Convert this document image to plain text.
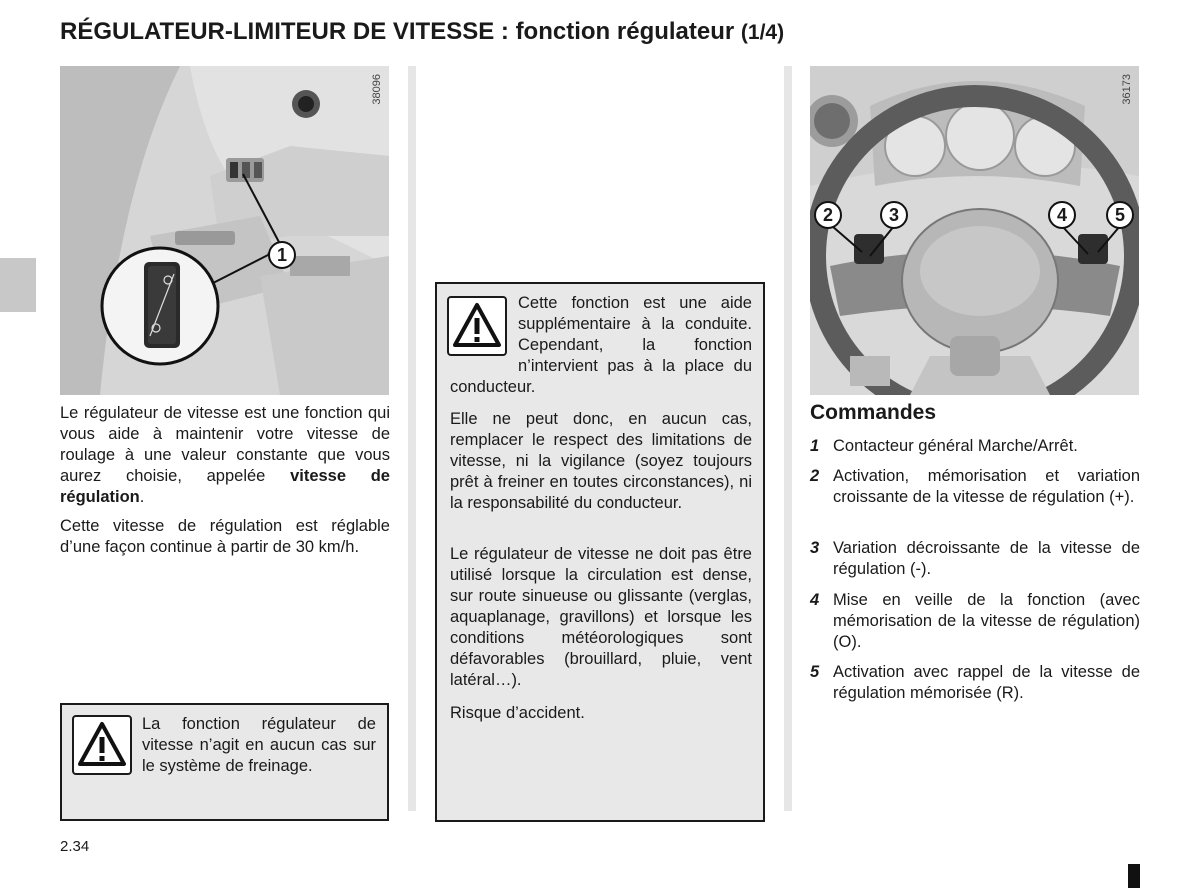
RÉGULATEUR-LIMITEUR DE VITESSE : fonction régulateur (1/4)
1
38096
Le régulateur de vitesse est une fonction qui vous aide à maintenir votre vitesse de roulage à une valeur constante que vous aurez choisie, appelée vitesse de régulation.
Cette vitesse de régulation est réglable d’une façon continue à partir de 30 km/h.
La fonction régulateur de vitesse n’agit en aucun cas sur le système de freinage.
Cette fonction est une aide supplémentaire à la conduite. Cependant, la fonction n’intervient pas à la place du conducteur.
Elle ne peut donc, en aucun cas, remplacer le respect des limitations de vitesse, ni la vigilance (soyez toujours prêt à freiner en toutes circonstances), ni la responsabilité du conducteur.
Le régulateur de vitesse ne doit pas être utilisé lorsque la circulation est dense, sur route sinueuse ou glissante (verglas, aquaplanage, gravillons) et lorsque les conditions météorologiques sont défavorables (brouillard, pluie, vent latéral…).
Risque d’accident.
2	3	4	5
36173
Commandes
1 Contacteur général Marche/Arrêt.
2 Activation, mémorisation et variation croissante de la vitesse de régulation (+).
3 Variation décroissante de la vitesse de régulation (-).
4 Mise en veille de la fonction (avec mémorisation de la vitesse de régulation) (O).
5 Activation avec rappel de la vitesse de régulation mémorisée (R).
2.34
